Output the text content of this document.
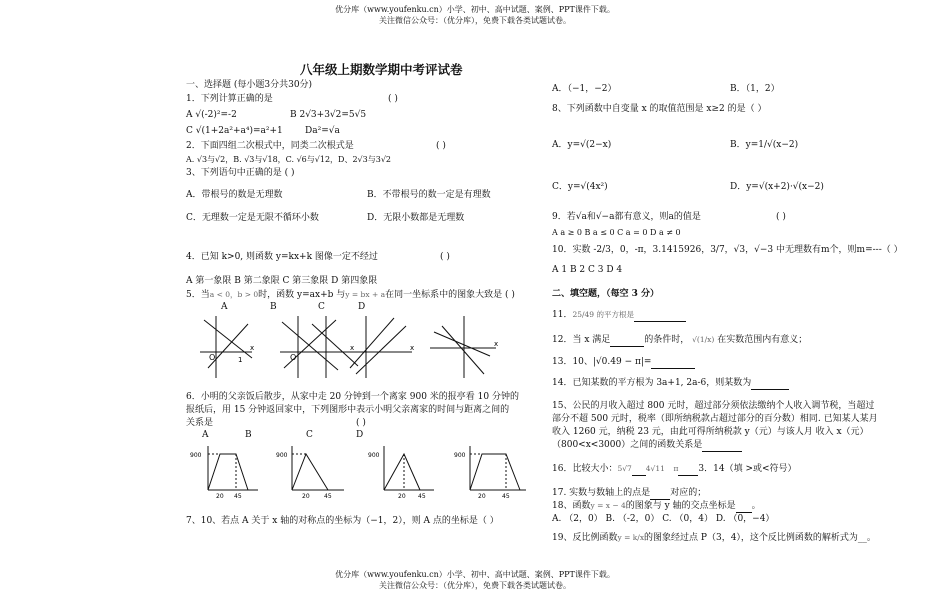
优分库（www.youfenku.cn）小学、初中、高中试题、案例、PPT课件下载。
关注微信公众号：（优分库），免费下载各类试题试卷。
八年级上期数学期中考评试卷
一、选择题 (每小题3分共30分)
1．下列计算正确的是	( )
A √(-2)²=-2	B 2√3+3√2=5√5
C √(1+2a²+a⁴)=a²+1 Da²=√a
2．下面四组二次根式中，同类二次根式是	( )
A. √3与√2，B. √3与√18，C. √6与√12，D、2√3与3√2
3、下列语句中正确的是 ( )
A．带根号的数是无理数	B．不带根号的数一定是有理数
C．无理数一定是无限不循环小数	D．无限小数都是无理数
4．已知 k>0, 则函数 y=kx+k 图像一定不经过	( )
A 第一象限 B 第二象限 C 第三象限 D 第四象限
5．当a < 0，b > 0时，函数 y=ax+b 与y = bx + a在同一坐标系中的图象大致是 ( )
A	B	C	D
O
x
1	O
x	x	x
6．小明的父亲饭后散步，从家中走 20 分钟到一个离家 900 米的报亭看 10 分钟的
报纸后，用 15 分钟返回家中，下列图形中表示小明父亲离家的时间与距离之间的
关系是	( )
A	B	C	D
900
20 45
900
20 45
900
20 45
900
20	45
7、10、若点 A 关于 x 轴的对称点的坐标为（−1，2），则 A 点的坐标是（ ）
A．（−1，−2）	B．（1，2）
8、下列函数中自变量 x 的取值范围是 x≥2 的是（ ）
A．y=√(2−x)	B．y=1/√(x−2)
C．y=√(4x²)	D．y=√(x+2)·√(x−2)
9．若√a和√−a都有意义，则a的值是	( )
A a ≥ 0 B a ≤ 0 C a = 0 D a ≠ 0
10．实数 -2/3，0，-π，3.1415926，3/7，√3，√−3 中无理数有m个，则m=---（ ）
A 1 B 2 C 3 D 4
二、填空题，（每空 3 分）
11．25/49 的平方根是
12．当 x 满足	的条件时， √(1/x) 在实数范围内有意义；
13．10、|√0.49 − π|=
14．已知某数的平方根为 3a+1, 2a-6，则某数为
15、公民的月收入超过 800 元时，超过部分须依法缴纳个人收入调节税，当超过
部分不超 500 元时，税率（即所纳税款占超过部分的百分数）相同. 已知某人某月
收入 1260 元，纳税 23 元，由此可得所纳税款 y（元）与该人月 收入 x（元）
（800<x<3000）之间的函数关系是
16．比较大小：5√7 4√11 π 3．14（填 >或<符号）
17. 实数与数轴上的点是 对应的；
18、函数y = x − 4的图象与 y 轴的交点坐标是 。
A. （2，0） B. （-2，0） C. （0，4） D. （0，−4）
19、反比例函数y = k/x的图象经过点 P（3，4），这个反比例函数的解析式为__。
优分库（www.youfenku.cn）小学、初中、高中试题、案例、PPT课件下载。
关注微信公众号：（优分库），免费下载各类试题试卷。
